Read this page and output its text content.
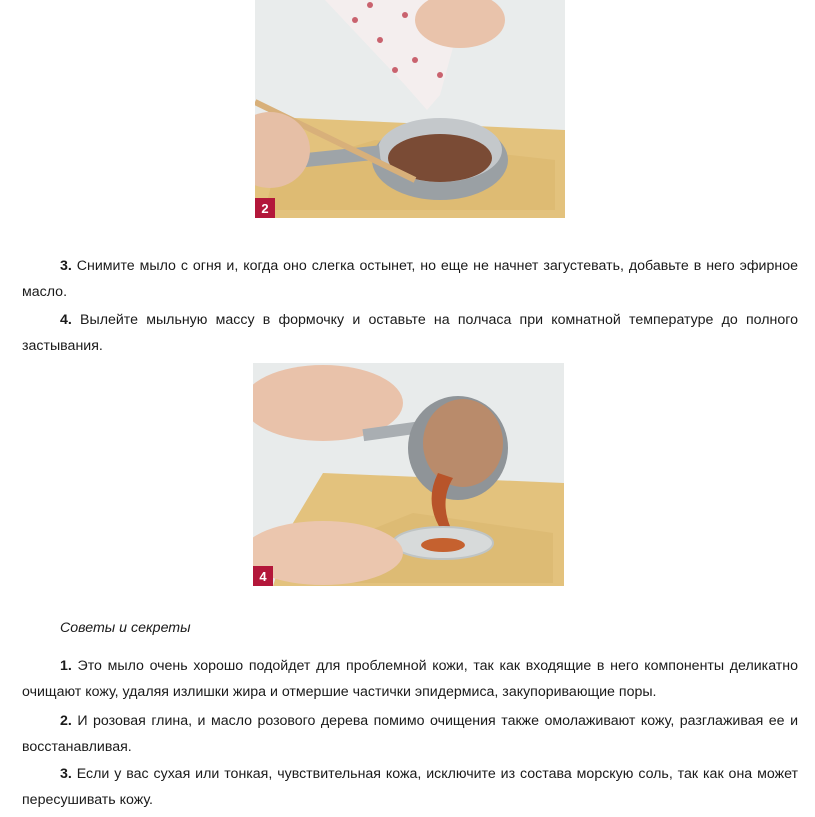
2

3. Снимите мыло с огня и, когда оно слегка остынет, но еще не начнет загустевать, добавьте в него эфирное масло.

4. Вылейте мыльную массу в формочку и оставьте на полчаса при комнатной температуре до полного застывания.

4

Советы и секреты

1. Это мыло очень хорошо подойдет для проблемной кожи, так как входящие в него компоненты деликатно очищают кожу, удаляя излишки жира и отмершие частички эпидермиса, закупоривающие поры.

2. И розовая глина, и масло розового дерева помимо очищения также омолаживают кожу, разглаживая ее и восстанавливая.

3. Если у вас сухая или тонкая, чувствительная кожа, исключите из состава морскую соль, так как она может пересушивать кожу.
